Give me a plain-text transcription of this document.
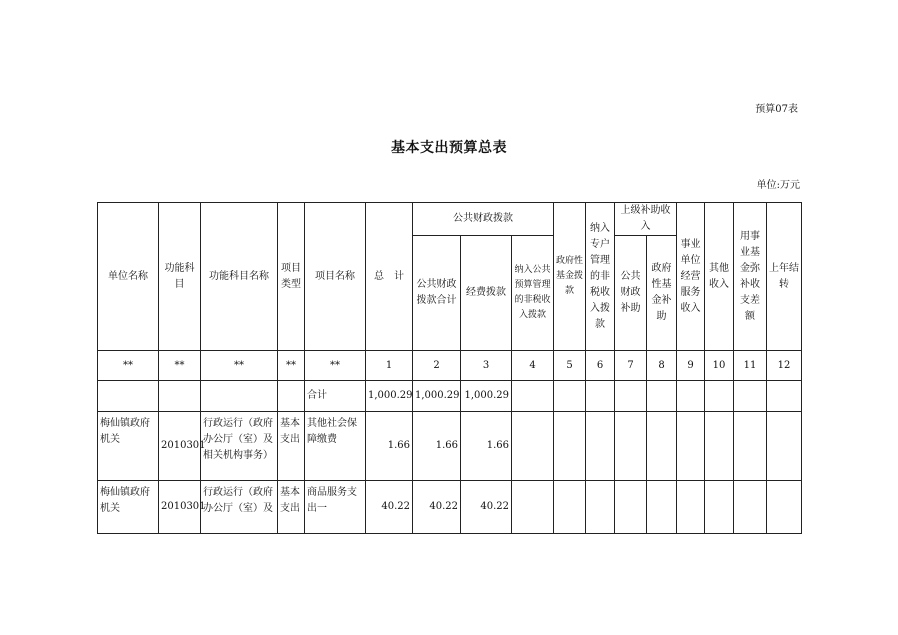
预算07表
基本支出预算总表
单位:万元
单位名称	功能科目	功能科目名称	项目类型	项目名称	总　计	公共财政拨款			政府性基金拨款	纳入专户管理的非税收入拨款	上级补助收入		事业单位经营服务收入	其他收入	用事业基金弥补收支差额	上年结转
						公共财政拨款合计	经费拨款	纳入公共预算管理的非税收入拨款			公共财政补助	政府性基金补助				
**	**	**	**	**	1	2	3	4	5	6	7	8	9	10	11	12
				合计	1,000.29	1,000.29	1,000.29									
梅仙镇政府机关	2010301	行政运行（政府办公厅（室）及相关机构事务）	基本支出	其他社会保障缴费	1.66	1.66	1.66									
梅仙镇政府机关	2010301	行政运行（政府办公厅（室）及	基本支出	商品服务支出一	40.22	40.22	40.22									
